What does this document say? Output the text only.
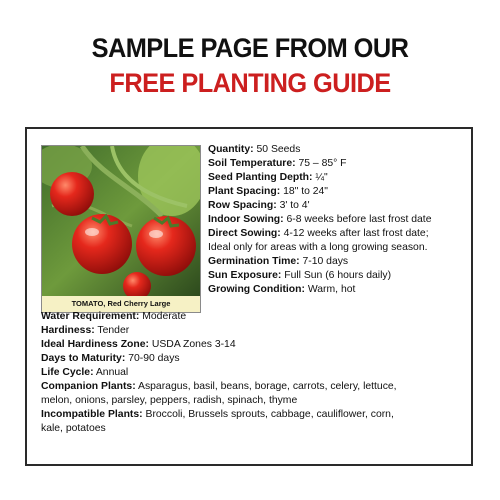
SAMPLE PAGE FROM OUR
FREE PLANTING GUIDE
TOMATO, Red Cherry Large
Quantity: 50 Seeds
Soil Temperature: 75 – 85° F
Seed Planting Depth: ¼"
Plant Spacing: 18" to 24"
Row Spacing: 3' to 4'
Indoor Sowing: 6-8 weeks before last frost date
Direct Sowing: 4-12 weeks after last frost date;
Ideal only for areas with a long growing season.
Germination Time: 7-10 days
Sun Exposure: Full Sun (6 hours daily)
Growing Condition: Warm, hot
Water Requirement: Moderate
Hardiness: Tender
Ideal Hardiness Zone: USDA Zones 3-14
Days to Maturity: 70-90 days
Life Cycle: Annual
Companion Plants: Asparagus, basil, beans, borage, carrots, celery, lettuce,
melon, onions, parsley, peppers, radish, spinach, thyme
Incompatible Plants: Broccoli, Brussels sprouts, cabbage, cauliflower, corn,
kale, potatoes
